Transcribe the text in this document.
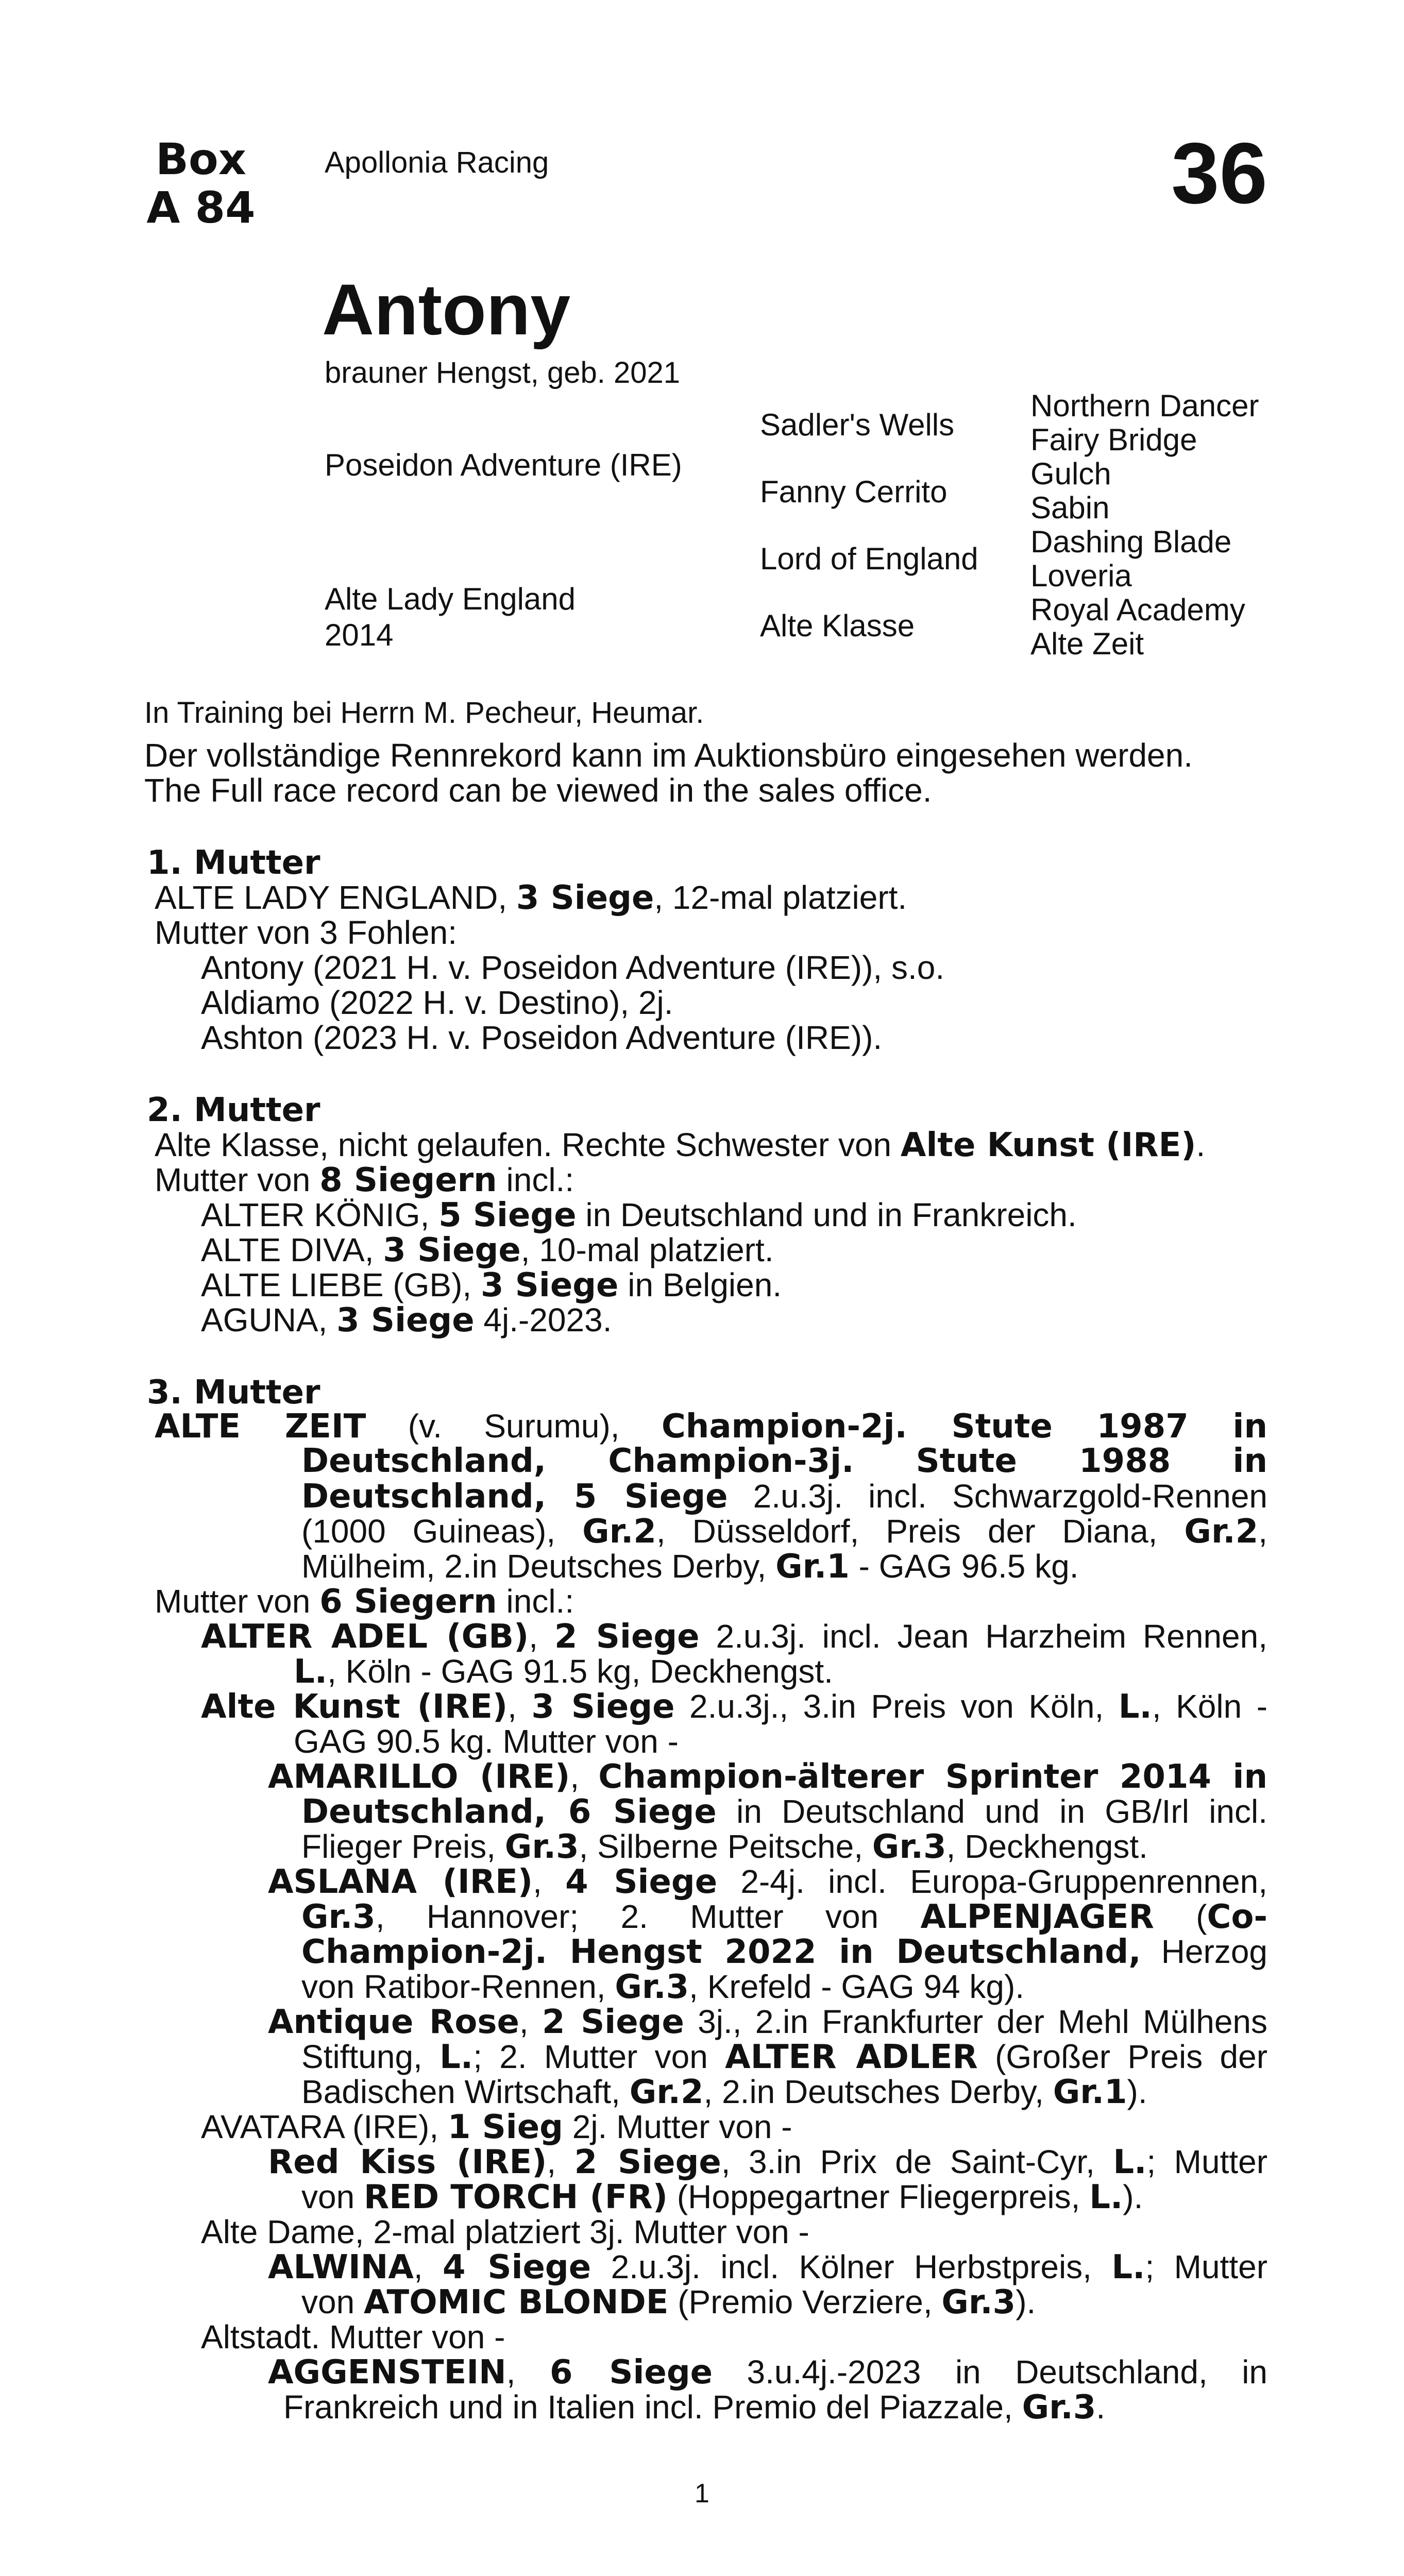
Box
A 84
Apollonia Racing	36
Antony
brauner Hengst, geb. 2021
Poseidon Adventure (IRE)
Alte Lady England
2014
Sadler's Wells
Fanny Cerrito
Lord of England
Alte Klasse
Northern Dancer
Fairy Bridge
Gulch
Sabin
Dashing Blade
Loveria
Royal Academy
Alte Zeit
In Training bei Herrn M. Pecheur, Heumar.
Der vollständige Rennrekord kann im Auktionsbüro eingesehen werden.
The Full race record can be viewed in the sales office.
1. Mutter
ALTE LADY ENGLAND, 3 Siege, 12-mal platziert.
Mutter von 3 Fohlen:
Antony (2021 H. v. Poseidon Adventure (IRE)), s.o.
Aldiamo (2022 H. v. Destino), 2j.
Ashton (2023 H. v. Poseidon Adventure (IRE)).
2. Mutter
Alte Klasse, nicht gelaufen. Rechte Schwester von Alte Kunst (IRE).
Mutter von 8 Siegern incl.:
ALTER KÖNIG, 5 Siege in Deutschland und in Frankreich.
ALTE DIVA, 3 Siege, 10-mal platziert.
ALTE LIEBE (GB), 3 Siege in Belgien.
AGUNA, 3 Siege 4j.-2023.
3. Mutter
ALTE ZEIT (v. Surumu), Champion-2j. Stute 1987 in
Deutschland, Champion-3j. Stute 1988 in
Deutschland, 5 Siege 2.u.3j. incl. Schwarzgold-Rennen
(1000 Guineas), Gr.2, Düsseldorf, Preis der Diana, Gr.2,
Mülheim, 2.in Deutsches Derby, Gr.1 - GAG 96.5 kg.
Mutter von 6 Siegern incl.:
ALTER ADEL (GB), 2 Siege 2.u.3j. incl. Jean Harzheim Rennen,
L., Köln - GAG 91.5 kg, Deckhengst.
Alte Kunst (IRE), 3 Siege 2.u.3j., 3.in Preis von Köln, L., Köln -
GAG 90.5 kg. Mutter von -
AMARILLO (IRE), Champion-älterer Sprinter 2014 in
Deutschland, 6 Siege in Deutschland und in GB/Irl incl.
Flieger Preis, Gr.3, Silberne Peitsche, Gr.3, Deckhengst.
ASLANA (IRE), 4 Siege 2-4j. incl. Europa-Gruppenrennen,
Gr.3, Hannover; 2. Mutter von ALPENJAGER (Co-
Champion-2j. Hengst 2022 in Deutschland, Herzog
von Ratibor-Rennen, Gr.3, Krefeld - GAG 94 kg).
Antique Rose, 2 Siege 3j., 2.in Frankfurter der Mehl Mülhens
Stiftung, L.; 2. Mutter von ALTER ADLER (Großer Preis der
Badischen Wirtschaft, Gr.2, 2.in Deutsches Derby, Gr.1).
AVATARA (IRE), 1 Sieg 2j. Mutter von -
Red Kiss (IRE), 2 Siege, 3.in Prix de Saint-Cyr, L.; Mutter
von RED TORCH (FR) (Hoppegartner Fliegerpreis, L.).
Alte Dame, 2-mal platziert 3j. Mutter von -
ALWINA, 4 Siege 2.u.3j. incl. Kölner Herbstpreis, L.; Mutter
von ATOMIC BLONDE (Premio Verziere, Gr.3).
Altstadt. Mutter von -
AGGENSTEIN, 6 Siege 3.u.4j.-2023 in Deutschland, in
Frankreich und in Italien incl. Premio del Piazzale, Gr.3.
1
